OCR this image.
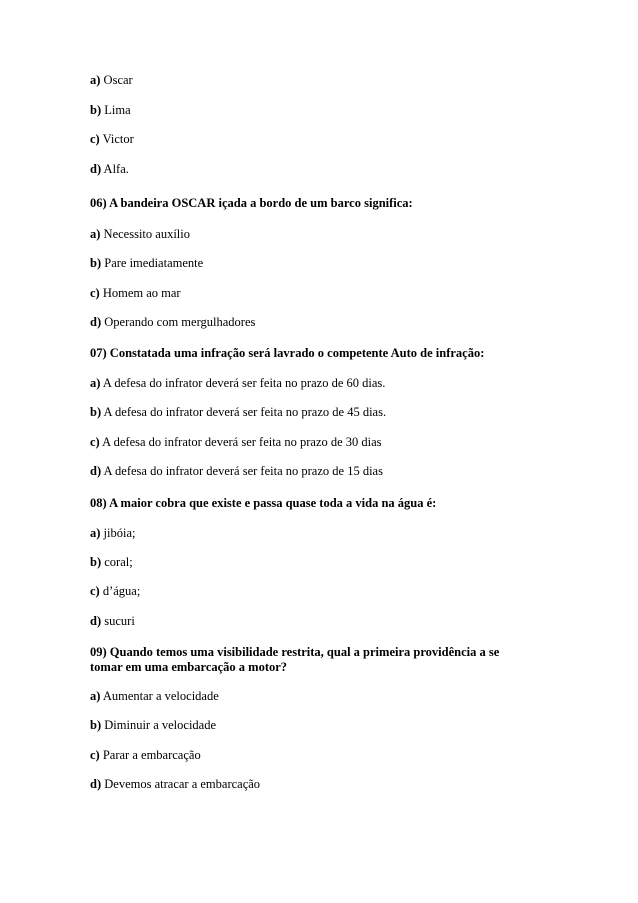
a) Oscar
b) Lima
c) Victor
d) Alfa.
06) A bandeira OSCAR içada a bordo de um barco significa:
a) Necessito auxílio
b) Pare imediatamente
c) Homem ao mar
d) Operando com mergulhadores
07) Constatada uma infração será lavrado o competente Auto de infração:
a) A defesa do infrator deverá ser feita no prazo de 60 dias.
b) A defesa do infrator deverá ser feita no prazo de 45 dias.
c) A defesa do infrator deverá ser feita no prazo de 30 dias
d) A defesa do infrator deverá ser feita no prazo de 15 dias
08) A maior cobra que existe e passa quase toda a vida na água é:
a) jibóia;
b) coral;
c) d’água;
d) sucuri
09) Quando temos uma visibilidade restrita, qual a primeira providência a se
tomar em uma embarcação a motor?
a) Aumentar a velocidade
b) Diminuir a velocidade
c) Parar a embarcação
d) Devemos atracar a embarcação
